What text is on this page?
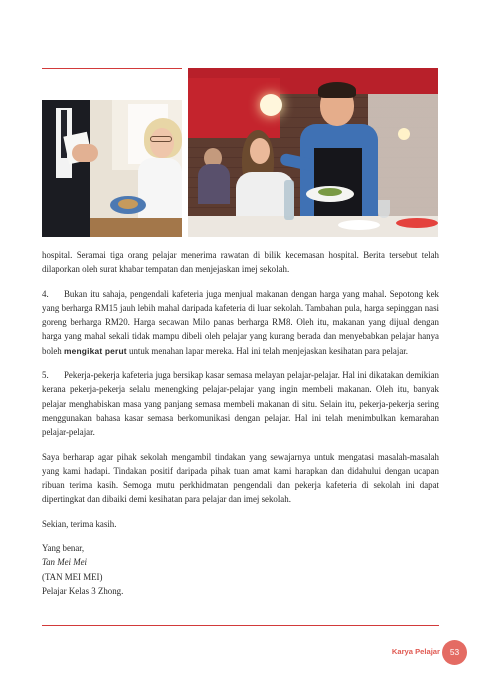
hospital. Seramai tiga orang pelajar menerima rawatan di bilik kecemasan hospital. Berita tersebut telah dilaporkan oleh surat khabar tempatan dan menjejaskan imej sekolah.

4. Bukan itu sahaja, pengendali kafeteria juga menjual makanan dengan harga yang mahal. Sepotong kek yang berharga RM15 jauh lebih mahal daripada kafeteria di luar sekolah. Tambahan pula, harga sepinggan nasi goreng berharga RM20. Harga secawan Milo panas berharga RM8. Oleh itu, makanan yang dijual dengan harga yang mahal sekali tidak mampu dibeli oleh pelajar yang kurang berada dan menyebabkan pelajar hanya boleh mengikat perut untuk menahan lapar mereka. Hal ini telah menjejaskan kesihatan para pelajar.

5. Pekerja-pekerja kafeteria juga bersikap kasar semasa melayan pelajar-pelajar. Hal ini dikatakan demikian kerana pekerja-pekerja selalu menengking pelajar-pelajar yang ingin membeli makanan. Oleh itu, banyak pelajar menghabiskan masa yang panjang semasa membeli makanan di situ. Selain itu, pekerja-pekerja sering menggunakan bahasa kasar semasa berkomunikasi dengan pelajar. Hal ini telah menimbulkan kemarahan pelajar-pelajar.

Saya berharap agar pihak sekolah mengambil tindakan yang sewajarnya untuk mengatasi masalah-masalah yang kami hadapi. Tindakan positif daripada pihak tuan amat kami harapkan dan didahului dengan ucapan ribuan terima kasih. Semoga mutu perkhidmatan pengendali dan pekerja kafeteria di sekolah ini dapat dipertingkat dan dibaiki demi kesihatan para pelajar dan imej sekolah.

Sekian, terima kasih.

Yang benar,

Tan Mei Mei

(TAN MEI MEI)

Pelajar Kelas 3 Zhong.

Karya Pelajar	53
